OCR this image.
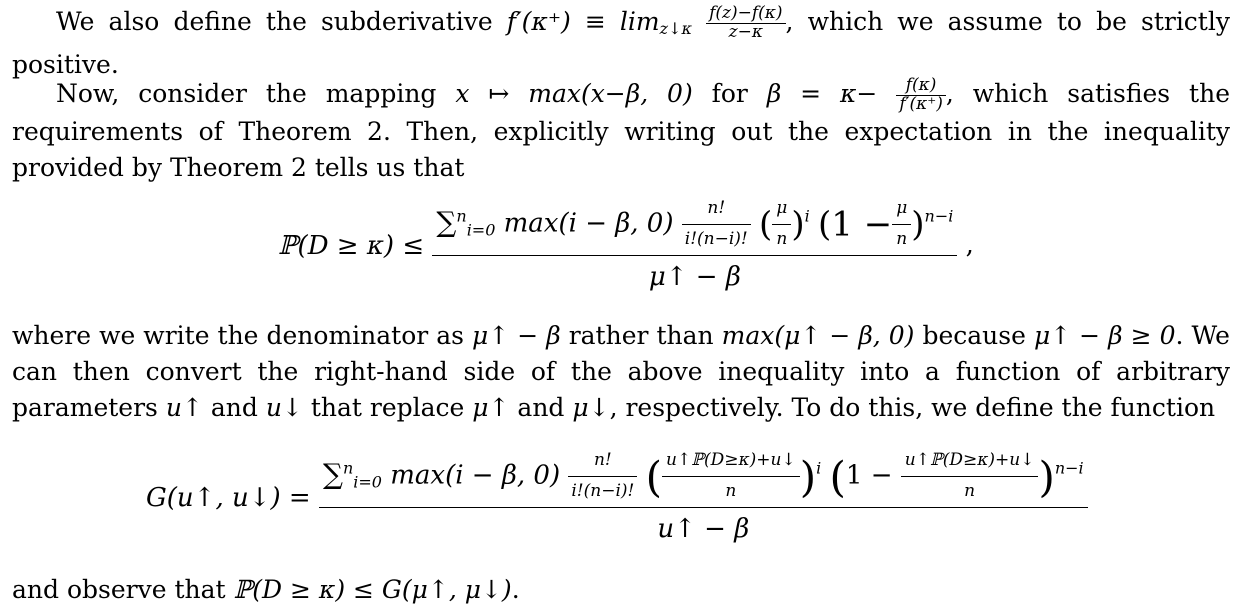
We also define the subderivative $f'(\kappa^+) \equiv \lim_{z↓\kappa} \frac{f(z)-f(\kappa)}{z-\kappa}$ , which we assume to be strictly positive.
Now, consider the mapping x ↦ max(x−β, 0) for $\beta = \kappa- \frac{f(\kappa)}{f'(\kappa^+)}$ , which satisfies the requirements of Theorem 2. Then, explicitly writing out the expectation in the inequality provided by Theorem 2 tells us that
ℙ(D ≥ κ) ≤
∑$^n_{i=0}$ max(i − β, $0) \frac{n!}{i!(n-i)!}$ ( $\frac{\mu}{n} )^i$ $(1 - \frac{\mu}{n} )^{n-i}$
μ↑ − β
,
where we write the denominator as μ↑ − β rather than max(μ↑ − β, 0) because μ↑ − β ≥ 0. We can then convert the right-hand side of the above inequality into a function of arbitrary parameters u↑ and u↓ that replace μ↑ and μ↓, respectively. To do this, we define the function
G(u↑, u↓) =
∑$^n_{i=0}$ max(i − β, $0) \frac{n!}{i!(n-i)!}$ ( $\frac{\text{u↑ℙ(D≥κ)+u↓}}{n} )^i$ $(1 - \frac{\text{u↑ℙ(D≥κ)+u↓}}{n} )^{n-i}$
u↑ − β
and observe that ℙ(D ≥ κ) ≤ G(μ↑, μ↓).
